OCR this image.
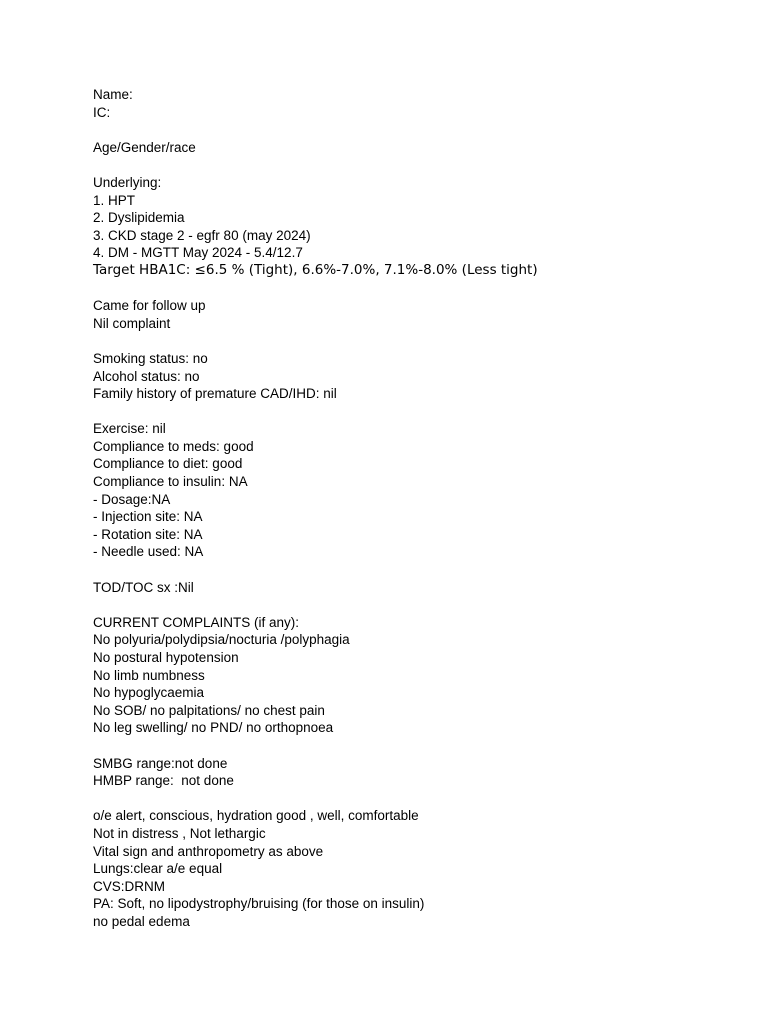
Name:
IC:
Age/Gender/race
Underlying:
1. HPT
2. Dyslipidemia
3. CKD stage 2 - egfr 80 (may 2024)
4. DM - MGTT May 2024 - 5.4/12.7
Target HBA1C: ≤6.5 % (Tight), 6.6%-7.0%, 7.1%-8.0% (Less tight)
Came for follow up
Nil complaint
Smoking status: no
Alcohol status: no
Family history of premature CAD/IHD: nil
Exercise: nil
Compliance to meds: good
Compliance to diet: good
Compliance to insulin: NA
- Dosage:NA
- Injection site: NA
- Rotation site: NA
- Needle used: NA
TOD/TOC sx :Nil
CURRENT COMPLAINTS (if any):
No polyuria/polydipsia/nocturia /polyphagia
No postural hypotension
No limb numbness
No hypoglycaemia
No SOB/ no palpitations/ no chest pain
No leg swelling/ no PND/ no orthopnoea
SMBG range:not done
HMBP range:  not done
o/e alert, conscious, hydration good , well, comfortable
Not in distress , Not lethargic
Vital sign and anthropometry as above
Lungs:clear a/e equal
CVS:DRNM
PA: Soft, no lipodystrophy/bruising (for those on insulin)
no pedal edema
